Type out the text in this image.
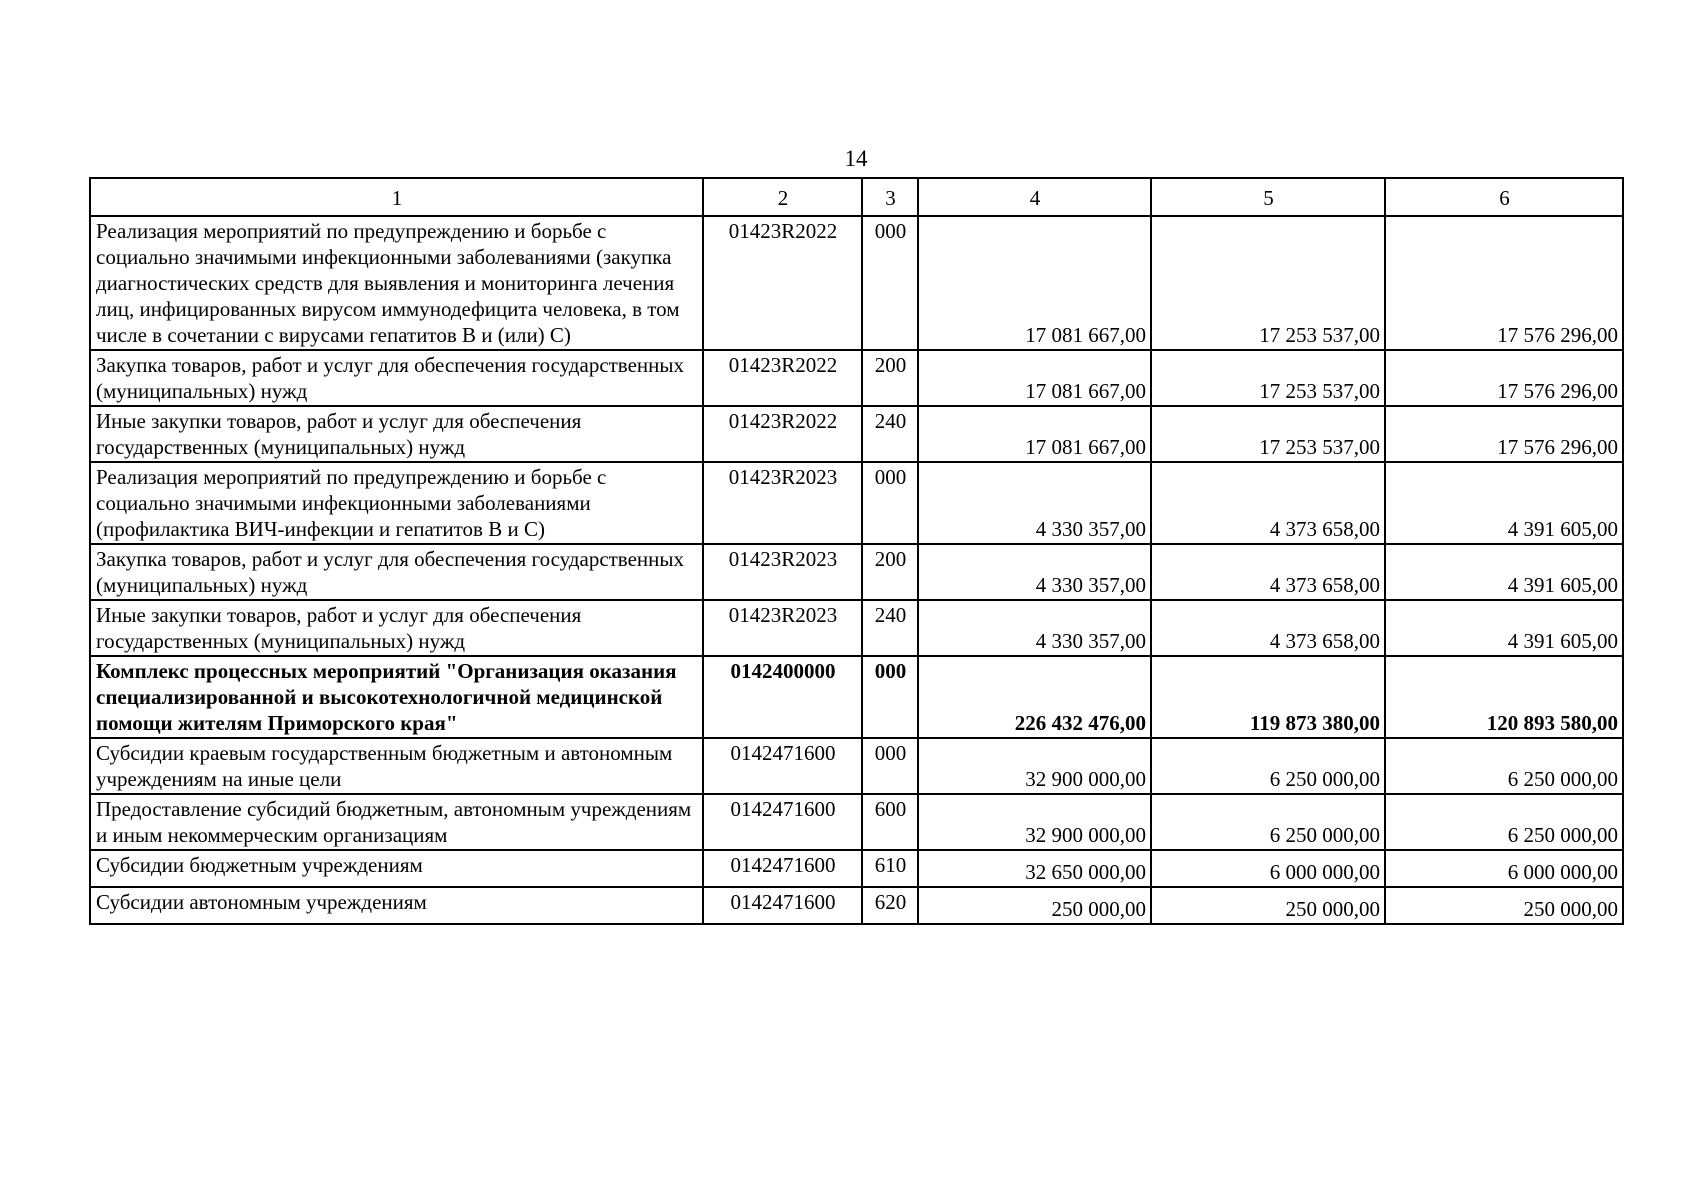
14
1	2	3	4	5	6
Реализация мероприятий по предупреждению и борьбе с социально значимыми инфекционными заболеваниями (закупка диагностических средств для выявления и мониторинга лечения лиц, инфицированных вирусом иммунодефицита человека, в том числе в сочетании с вирусами гепатитов В и (или) С)	01423R2022	000	17 081 667,00	17 253 537,00	17 576 296,00
Закупка товаров, работ и услуг для обеспечения государственных (муниципальных) нужд	01423R2022	200	17 081 667,00	17 253 537,00	17 576 296,00
Иные закупки товаров, работ и услуг для обеспечения государственных (муниципальных) нужд	01423R2022	240	17 081 667,00	17 253 537,00	17 576 296,00
Реализация мероприятий по предупреждению и борьбе с социально значимыми инфекционными заболеваниями (профилактика ВИЧ-инфекции и гепатитов В и С)	01423R2023	000	4 330 357,00	4 373 658,00	4 391 605,00
Закупка товаров, работ и услуг для обеспечения государственных (муниципальных) нужд	01423R2023	200	4 330 357,00	4 373 658,00	4 391 605,00
Иные закупки товаров, работ и услуг для обеспечения государственных (муниципальных) нужд	01423R2023	240	4 330 357,00	4 373 658,00	4 391 605,00
Комплекс процессных мероприятий "Организация оказания специализированной и высокотехнологичной медицинской помощи жителям Приморского края"	0142400000	000	226 432 476,00	119 873 380,00	120 893 580,00
Субсидии краевым государственным бюджетным и автономным учреждениям на иные цели	0142471600	000	32 900 000,00	6 250 000,00	6 250 000,00
Предоставление субсидий бюджетным, автономным учреждениям и иным некоммерческим организациям	0142471600	600	32 900 000,00	6 250 000,00	6 250 000,00
Субсидии бюджетным учреждениям	0142471600	610	32 650 000,00	6 000 000,00	6 000 000,00
Субсидии автономным учреждениям	0142471600	620	250 000,00	250 000,00	250 000,00
